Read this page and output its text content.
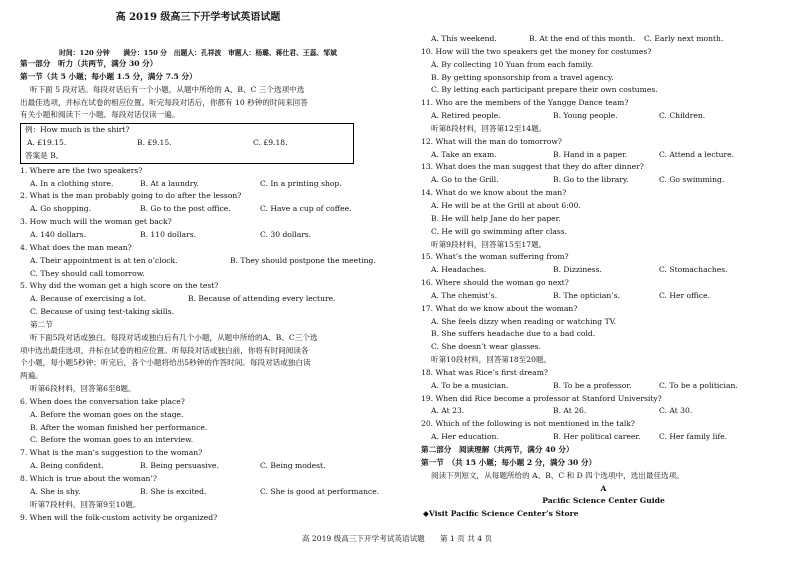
高 2019 级高三下开学考试英语试题
时间：120 分钟　　满分：150 分　出题人：孔祥波　审题人：杨璐、蒋仕君、王蕊、邹斌
第一部分　听力（共两节，满分 30 分）
第一节（共 5 小题；每小题 1.5 分，满分 7.5 分）
听下面 5 段对话。每段对话后有一个小题，从题中所给的 A、B、C 三个选项中选
出最佳选项，并标在试卷的相应位置。听完每段对话后，你都有 10 秒钟的时间来回答
有关小题和阅读下一小题。每段对话仅读一遍。
例：How much is the shirt?
A. £19.15.	B. £9.15.	C. £9.18.
答案是 B。
1. Where are the two speakers?
A. In a clothing store.	B. At a laundry.	C. In a printing shop.
2. What is the man probably going to do after the lesson?
A. Go shopping.	B. Go to the post office.	C. Have a cup of coffee.
3. How much will the woman get back?
A. 140 dollars.	B. 110 dollars.	C. 30 dollars.
4. What does the man mean?
A. Their appointment is at ten o’clock.	B. They should postpone the meeting.
C. They should call tomorrow.
5. Why did the woman get a high score on the test?
A. Because of exercising a lot.	B. Because of attending every lecture.
C. Because of using test-taking skills.
第二节
听下面5段对话或独白。每段对话或独白后有几个小题，从题中所给的A、B、C三个选
项中选出最佳选项，并标在试卷的相应位置。听每段对话或独白前，你将有时间阅读各
个小题，每小题5秒钟；听完后，各个小题将给出5秒钟的作答时间。每段对话或独白读
两遍。
听第6段材料，回答第6至8题。
6. When does the conversation take place?
A. Before the woman goes on the stage.
B. After the woman finished her performance.
C. Before the woman goes to an interview.
7. What is the man’s suggestion to the woman?
A. Being confident.	B. Being persuasive.	C. Being modest.
8. Which is true about the woman’?
A. She is shy.	B. She is excited.	C. She is good at performance.
听第7段材料，回答第9至10题。
9. When will the folk-custom activity be organized?
A. This weekend.	B. At the end of this month. C. Early next month.
10. How will the two speakers get the money for costumes?
A. By collecting 10 Yuan from each family.
B. By getting sponsorship from a travel agency.
C. By letting each participant prepare their own costumes.
11. Who are the members of the Yangge Dance team?
A. Retired people.	B. Young people.	C. Children.
听第8段材料，回答第12至14题。
12. What will the man do tomorrow?
A. Take an exam.	B. Hand in a paper.	C. Attend a lecture.
13. What does the man suggest that they do after dinner?
A. Go to the Grill.	B. Go to the library.	C. Go swimming.
14. What do we know about the man?
A. He will be at the Grill at about 6:00.
B. He will help Jane do her paper.
C. He will go swimming after class.
听第9段材料，回答第15至17题。
15. What’s the woman suffering from?
A. Headaches.	B. Dizziness.	C. Stomachaches.
16. Where should the woman go next?
A. The chemist’s.	B. The optician’s.	C. Her office.
17. What do we know about the woman?
A. She feels dizzy when reading or watching TV.
B. She suffers headache due to a bad cold.
C. She doesn’t wear glasses.
听第10段材料，回答第18至20题。
18. What was Rice’s first dream?
A. To be a musician.	B. To be a professor.	C. To be a politician.
19. When did Rice become a professor at Stanford University?
A. At 23.	B. At 26.	C. At 30.
20. Which of the following is not mentioned in the talk?
A. Her education.	B. Her political career. C. Her family life.
第二部分　阅读理解（共两节，满分 40 分）
第一节　（共 15 小题；每小题 2 分，满分 30 分）
阅读下列短文，从每题所给的 A、B、C 和 D 四个选项中，选出最佳选项。
A
Pacific Science Center Guide
◆Visit Pacific Science Center’s Store
高 2019 级高三下开学考试英语试题　　第 1 页 共 4 页
